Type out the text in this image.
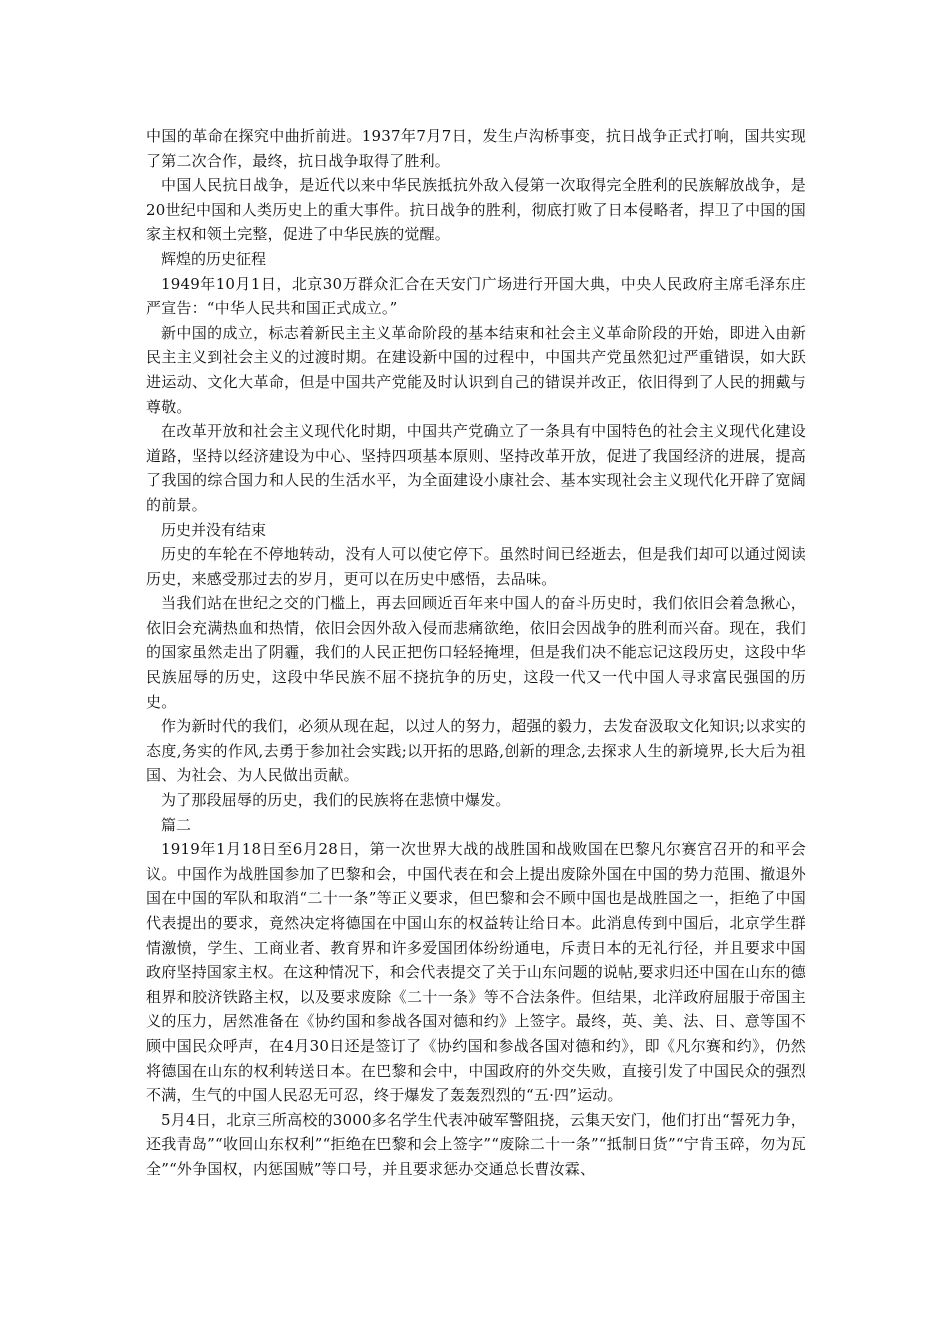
中国的革命在探究中曲折前进。1937年7月7日，发生卢沟桥事变，抗日战争正式打响，国共实现了第二次合作，最终，抗日战争取得了胜利。

中国人民抗日战争，是近代以来中华民族抵抗外敌入侵第一次取得完全胜利的民族解放战争，是20世纪中国和人类历史上的重大事件。抗日战争的胜利，彻底打败了日本侵略者，捍卫了中国的国家主权和领土完整，促进了中华民族的觉醒。

辉煌的历史征程

1949年10月1日，北京30万群众汇合在天安门广场进行开国大典，中央人民政府主席毛泽东庄严宣告：“中华人民共和国正式成立。”

新中国的成立，标志着新民主主义革命阶段的基本结束和社会主义革命阶段的开始，即进入由新民主主义到社会主义的过渡时期。在建设新中国的过程中，中国共产党虽然犯过严重错误，如大跃进运动、文化大革命，但是中国共产党能及时认识到自己的错误并改正，依旧得到了人民的拥戴与尊敬。

在改革开放和社会主义现代化时期，中国共产党确立了一条具有中国特色的社会主义现代化建设道路，坚持以经济建设为中心、坚持四项基本原则、坚持改革开放，促进了我国经济的进展，提高了我国的综合国力和人民的生活水平，为全面建设小康社会、基本实现社会主义现代化开辟了宽阔的前景。

历史并没有结束

历史的车轮在不停地转动，没有人可以使它停下。虽然时间已经逝去，但是我们却可以通过阅读历史，来感受那过去的岁月，更可以在历史中感悟，去品味。

当我们站在世纪之交的门槛上，再去回顾近百年来中国人的奋斗历史时，我们依旧会着急揪心，依旧会充满热血和热情，依旧会因外敌入侵而悲痛欲绝，依旧会因战争的胜利而兴奋。现在，我们的国家虽然走出了阴霾，我们的人民正把伤口轻轻掩埋，但是我们决不能忘记这段历史，这段中华民族屈辱的历史，这段中华民族不屈不挠抗争的历史，这段一代又一代中国人寻求富民强国的历史。

作为新时代的我们，必须从现在起，以过人的努力，超强的毅力，去发奋汲取文化知识;以求实的态度,务实的作风,去勇于参加社会实践;以开拓的思路,创新的理念,去探求人生的新境界,长大后为祖国、为社会、为人民做出贡献。

为了那段屈辱的历史，我们的民族将在悲愤中爆发。

篇二

1919年1月18日至6月28日，第一次世界大战的战胜国和战败国在巴黎凡尔赛宫召开的和平会议。中国作为战胜国参加了巴黎和会，中国代表在和会上提出废除外国在中国的势力范围、撤退外国在中国的军队和取消“二十一条”等正义要求，但巴黎和会不顾中国也是战胜国之一，拒绝了中国代表提出的要求，竟然决定将德国在中国山东的权益转让给日本。此消息传到中国后，北京学生群情激愤，学生、工商业者、教育界和许多爱国团体纷纷通电，斥责日本的无礼行径，并且要求中国政府坚持国家主权。在这种情况下，和会代表提交了关于山东问题的说帖,要求归还中国在山东的德租界和胶济铁路主权，以及要求废除《二十一条》等不合法条件。但结果，北洋政府屈服于帝国主义的压力，居然准备在《协约国和参战各国对德和约》上签字。最终，英、美、法、日、意等国不顾中国民众呼声，在4月30日还是签订了《协约国和参战各国对德和约》，即《凡尔赛和约》，仍然将德国在山东的权利转送日本。在巴黎和会中，中国政府的外交失败，直接引发了中国民众的强烈不满，生气的中国人民忍无可忍，终于爆发了轰轰烈烈的“五·四”运动。

5月4日，北京三所高校的3000多名学生代表冲破军警阻挠，云集天安门，他们打出“誓死力争，还我青岛”“收回山东权利”“拒绝在巴黎和会上签字”“废除二十一条”“抵制日货”“宁肯玉碎，勿为瓦全”“外争国权，内惩国贼”等口号，并且要求惩办交通总长曹汝霖、
